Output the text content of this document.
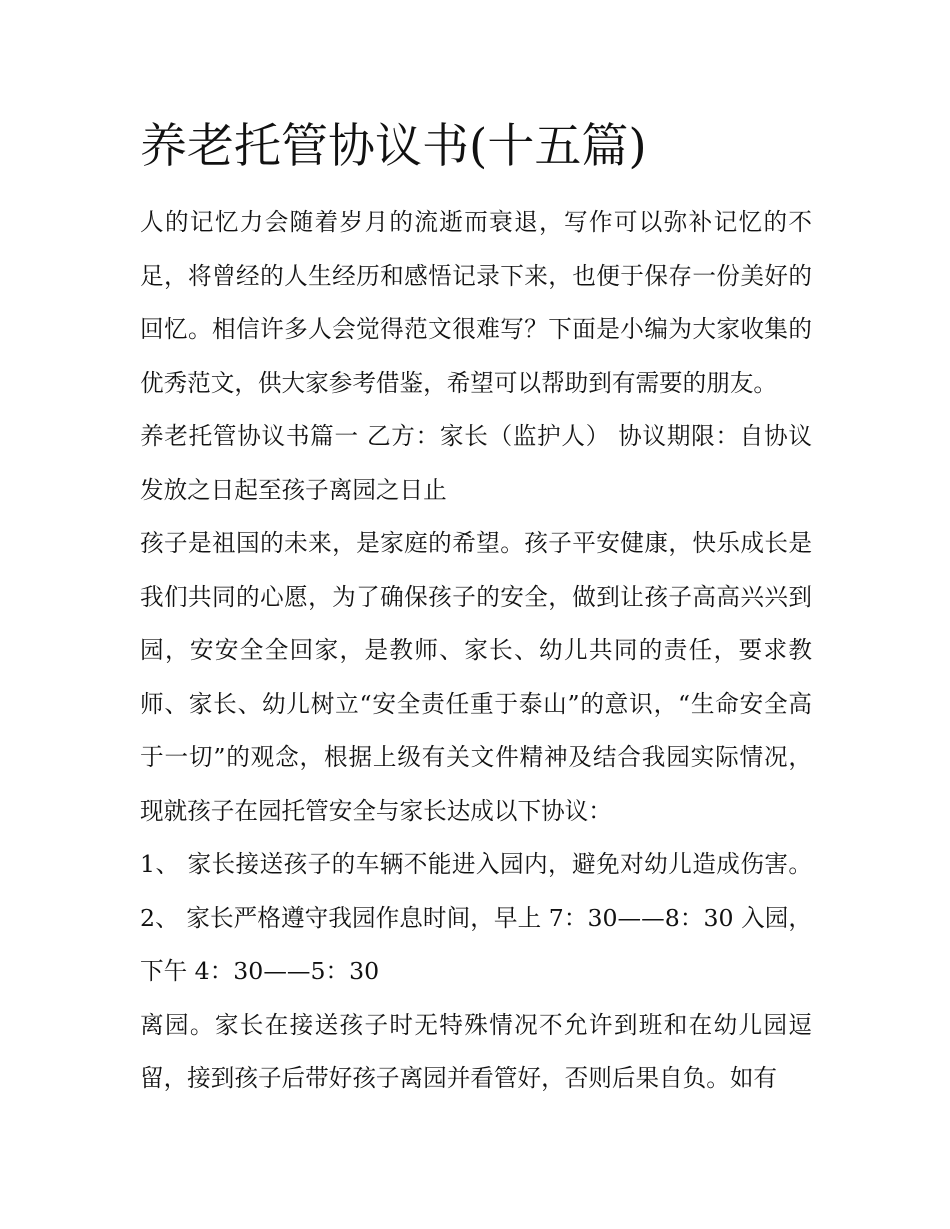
养老托管协议书(十五篇)

人的记忆力会随着岁月的流逝而衰退，写作可以弥补记忆的不足，将曾经的人生经历和感悟记录下来，也便于保存一份美好的回忆。相信许多人会觉得范文很难写？下面是小编为大家收集的优秀范文，供大家参考借鉴，希望可以帮助到有需要的朋友。

养老托管协议书篇一 乙方：家长（监护人） 协议期限：自协议发放之日起至孩子离园之日止

孩子是祖国的未来，是家庭的希望。孩子平安健康，快乐成长是我们共同的心愿，为了确保孩子的安全，做到让孩子高高兴兴到园，安安全全回家，是教师、家长、幼儿共同的责任，要求教师、家长、幼儿树立“安全责任重于泰山”的意识，“生命安全高于一切”的观念，根据上级有关文件精神及结合我园实际情况，现就孩子在园托管安全与家长达成以下协议：

1、 家长接送孩子的车辆不能进入园内，避免对幼儿造成伤害。 2、 家长严格遵守我园作息时间，早上 7：30——8：30 入园，下午 4：30——5：30

离园。家长在接送孩子时无特殊情况不允许到班和在幼儿园逗留，接到孩子后带好孩子离园并看管好，否则后果自负。如有
